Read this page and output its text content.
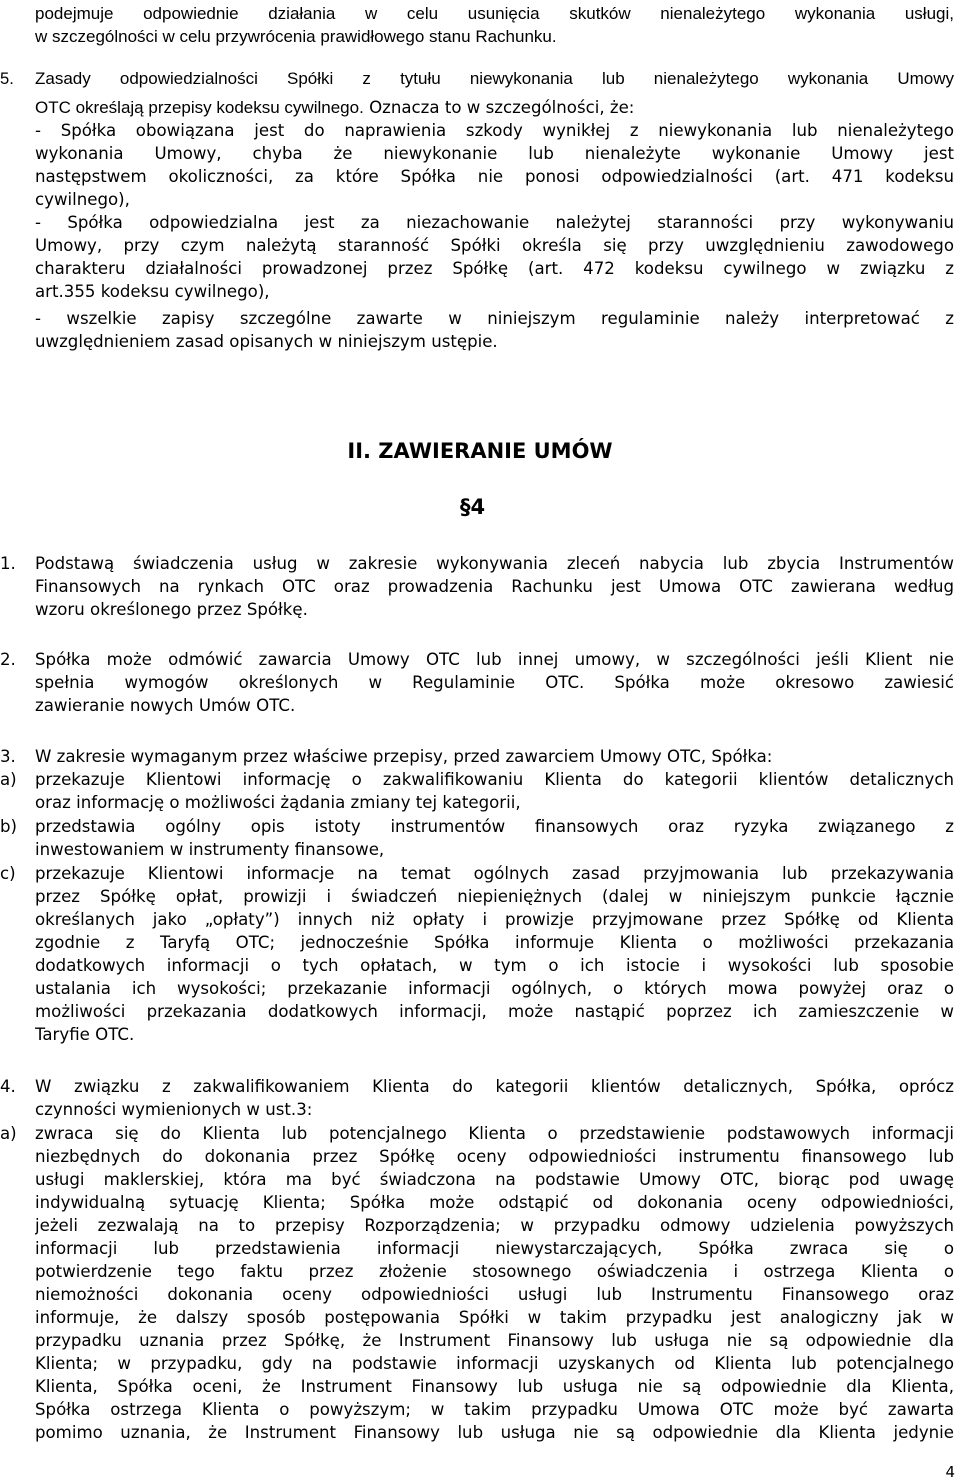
podejmuje odpowiednie działania w celu usunięcia skutków nienależytego wykonania usługi,
w szczególności w celu przywrócenia prawidłowego stanu Rachunku.
5. Zasady odpowiedzialności Spółki z tytułu niewykonania lub nienależytego wykonania Umowy
OTC określają przepisy kodeksu cywilnego. Oznacza to w szczególności, że:
- Spółka obowiązana jest do naprawienia szkody wynikłej z niewykonania lub nienależytego
wykonania Umowy, chyba że niewykonanie lub nienależyte wykonanie Umowy jest
następstwem okoliczności, za które Spółka nie ponosi odpowiedzialności (art. 471 kodeksu
cywilnego),
- Spółka odpowiedzialna jest za niezachowanie należytej staranności przy wykonywaniu
Umowy, przy czym należytą staranność Spółki określa się przy uwzględnieniu zawodowego
charakteru działalności prowadzonej przez Spółkę (art. 472 kodeksu cywilnego w związku z
art.355 kodeksu cywilnego),
- wszelkie zapisy szczególne zawarte w niniejszym regulaminie należy interpretować z
uwzględnieniem zasad opisanych w niniejszym ustępie.
II. ZAWIERANIE UMÓW
§4
1. Podstawą świadczenia usług w zakresie wykonywania zleceń nabycia lub zbycia Instrumentów
Finansowych na rynkach OTC oraz prowadzenia Rachunku jest Umowa OTC zawierana według
wzoru określonego przez Spółkę.
2. Spółka może odmówić zawarcia Umowy OTC lub innej umowy, w szczególności jeśli Klient nie
spełnia wymogów określonych w Regulaminie OTC. Spółka może okresowo zawiesić
zawieranie nowych Umów OTC.
3. W zakresie wymaganym przez właściwe przepisy, przed zawarciem Umowy OTC, Spółka:
a) przekazuje Klientowi informację o zakwalifikowaniu Klienta do kategorii klientów detalicznych
oraz informację o możliwości żądania zmiany tej kategorii,
b) przedstawia ogólny opis istoty instrumentów finansowych oraz ryzyka związanego z
inwestowaniem w instrumenty finansowe,
c) przekazuje Klientowi informacje na temat ogólnych zasad przyjmowania lub przekazywania
przez Spółkę opłat, prowizji i świadczeń niepieniężnych (dalej w niniejszym punkcie łącznie
określanych jako „opłaty”) innych niż opłaty i prowizje przyjmowane przez Spółkę od Klienta
zgodnie z Taryfą OTC; jednocześnie Spółka informuje Klienta o możliwości przekazania
dodatkowych informacji o tych opłatach, w tym o ich istocie i wysokości lub sposobie
ustalania ich wysokości; przekazanie informacji ogólnych, o których mowa powyżej oraz o
możliwości przekazania dodatkowych informacji, może nastąpić poprzez ich zamieszczenie w
Taryfie OTC.
4. W związku z zakwalifikowaniem Klienta do kategorii klientów detalicznych, Spółka, oprócz
czynności wymienionych w ust.3:
a) zwraca się do Klienta lub potencjalnego Klienta o przedstawienie podstawowych informacji
niezbędnych do dokonania przez Spółkę oceny odpowiedniości instrumentu finansowego lub
usługi maklerskiej, która ma być świadczona na podstawie Umowy OTC, biorąc pod uwagę
indywidualną sytuację Klienta; Spółka może odstąpić od dokonania oceny odpowiedniości,
jeżeli zezwalają na to przepisy Rozporządzenia; w przypadku odmowy udzielenia powyższych
informacji lub przedstawienia informacji niewystarczających, Spółka zwraca się o
potwierdzenie tego faktu przez złożenie stosownego oświadczenia i ostrzega Klienta o
niemożności dokonania oceny odpowiedniości usługi lub Instrumentu Finansowego oraz
informuje, że dalszy sposób postępowania Spółki w takim przypadku jest analogiczny jak w
przypadku uznania przez Spółkę, że Instrument Finansowy lub usługa nie są odpowiednie dla
Klienta; w przypadku, gdy na podstawie informacji uzyskanych od Klienta lub potencjalnego
Klienta, Spółka oceni, że Instrument Finansowy lub usługa nie są odpowiednie dla Klienta,
Spółka ostrzega Klienta o powyższym; w takim przypadku Umowa OTC może być zawarta
pomimo uznania, że Instrument Finansowy lub usługa nie są odpowiednie dla Klienta jedynie
4
